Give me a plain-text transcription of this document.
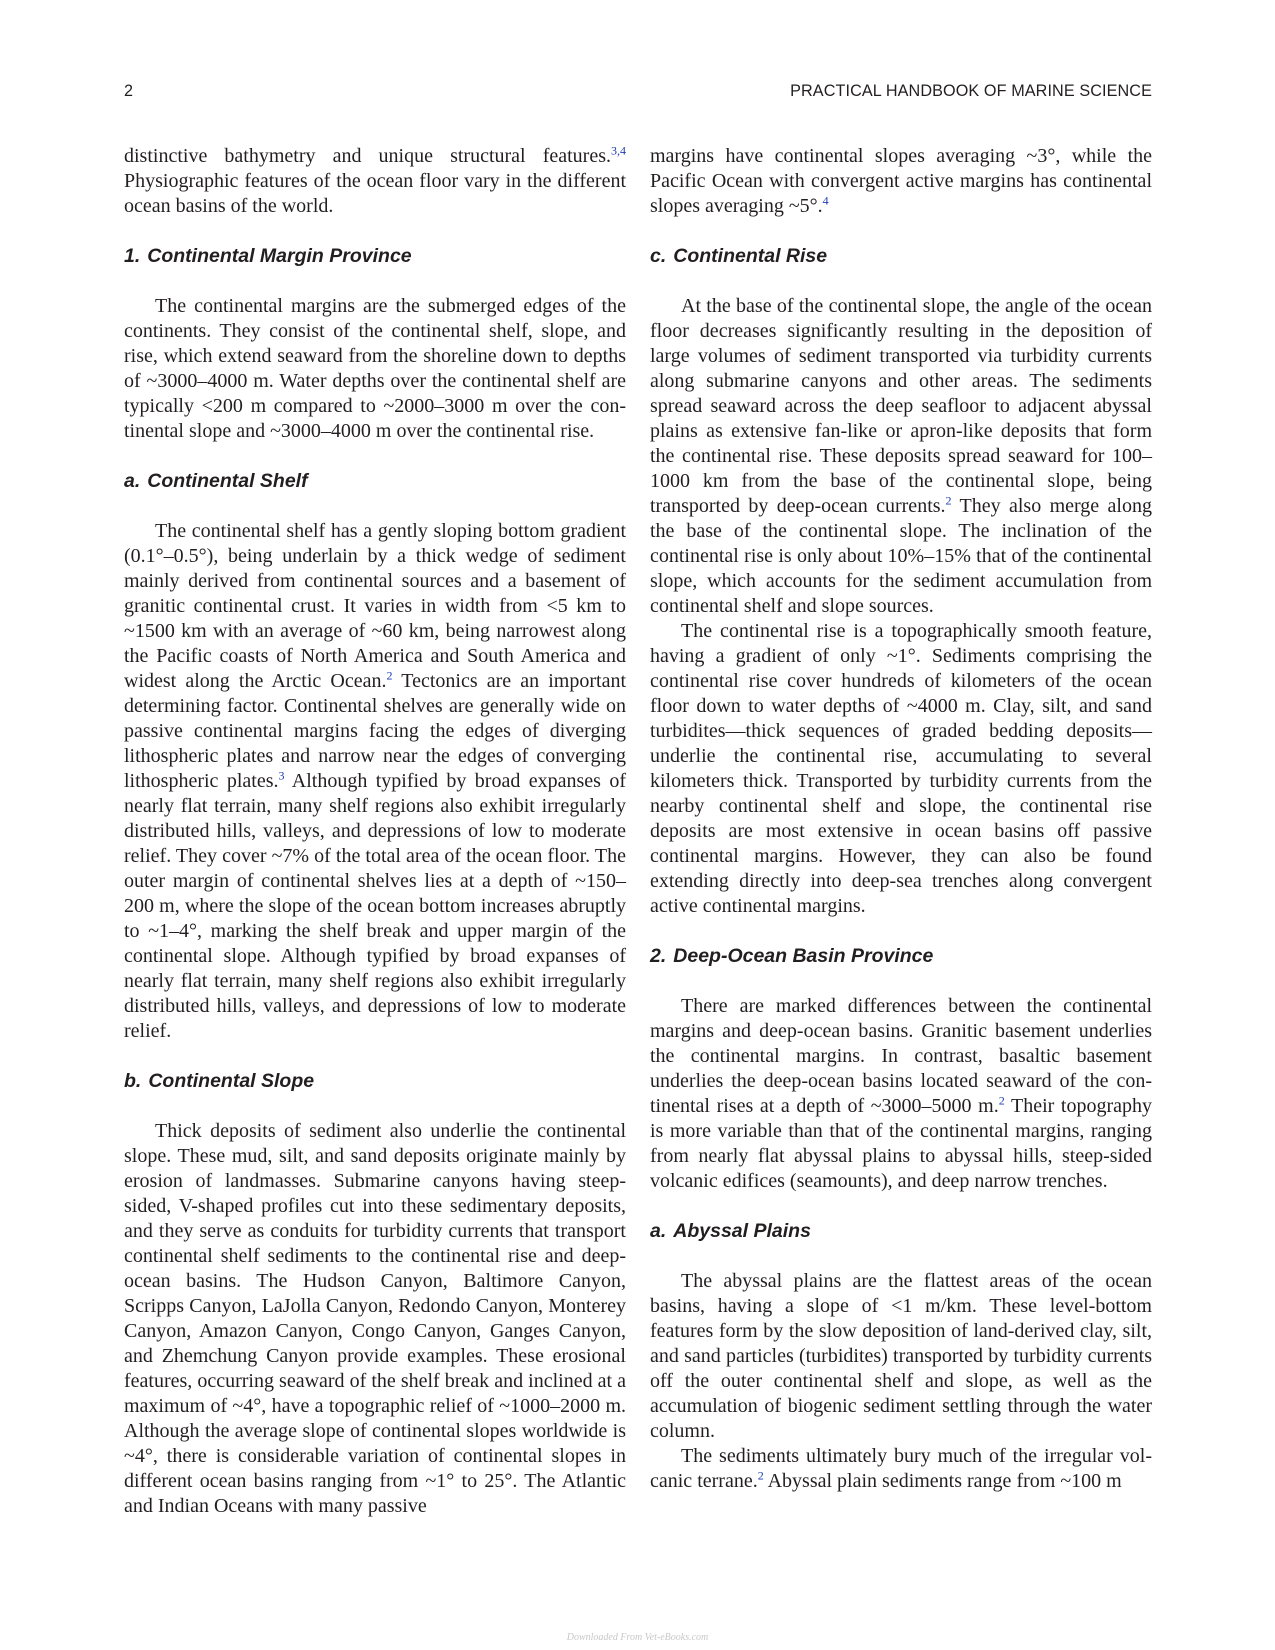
2	PRACTICAL HANDBOOK OF MARINE SCIENCE

distinctive bathymetry and unique structural features.$^{3,4}$ Physiographic features of the ocean floor vary in the different ocean basins of the world.

1. Continental Margin Province

The continental margins are the submerged edges of the continents. They consist of the continental shelf, slope, and rise, which extend seaward from the shoreline down to depths of ~3000–4000 m. Water depths over the continental shelf are typically <200 m compared to ~2000–3000 m over the continental slope and ~3000–4000 m over the continental rise.

a. Continental Shelf

The continental shelf has a gently sloping bottom gradient (0.1°–0.5°), being underlain by a thick wedge of sediment mainly derived from continental sources and a basement of granitic continental crust. It varies in width from <5 km to ~1500 km with an average of ~60 km, being narrowest along the Pacific coasts of North America and South America and widest along the Arctic Ocean.$^2$ Tectonics are an important determining factor. Continental shelves are generally wide on passive continental margins facing the edges of diverging lithospheric plates and narrow near the edges of converging lithospheric plates.$^3$ Although typified by broad expanses of nearly flat terrain, many shelf regions also exhibit irregularly distributed hills, valleys, and depressions of low to moderate relief. They cover ~7% of the total area of the ocean floor. The outer margin of continental shelves lies at a depth of ~150–200 m, where the slope of the ocean bottom increases abruptly to ~1–4°, marking the shelf break and upper margin of the continental slope. Although typified by broad expanses of nearly flat terrain, many shelf regions also exhibit irregularly distributed hills, valleys, and depressions of low to moderate relief.

b. Continental Slope

Thick deposits of sediment also underlie the continental slope. These mud, silt, and sand deposits originate mainly by erosion of landmasses. Submarine canyons having steep-sided, V-shaped profiles cut into these sedimentary deposits, and they serve as conduits for turbidity currents that transport continental shelf sediments to the continental rise and deep-ocean basins. The Hudson Canyon, Baltimore Canyon, Scripps Canyon, LaJolla Canyon, Redondo Canyon, Monterey Canyon, Amazon Canyon, Congo Canyon, Ganges Canyon, and Zhemchung Canyon provide examples. These erosional features, occurring seaward of the shelf break and inclined at a maximum of ~4°, have a topographic relief of ~1000–2000 m. Although the average slope of continental slopes worldwide is ~4°, there is considerable variation of continental slopes in different ocean basins ranging from ~1° to 25°. The Atlantic and Indian Oceans with many passive

margins have continental slopes averaging ~3°, while the Pacific Ocean with convergent active margins has continental slopes averaging ~5°.$^4$

c. Continental Rise

At the base of the continental slope, the angle of the ocean floor decreases significantly resulting in the deposition of large volumes of sediment transported via turbidity currents along submarine canyons and other areas. The sediments spread seaward across the deep seafloor to adjacent abyssal plains as extensive fan-like or apron-like deposits that form the continental rise. These deposits spread seaward for 100–1000 km from the base of the continental slope, being transported by deep-ocean currents.$^2$ They also merge along the base of the continental slope. The inclination of the continental rise is only about 10%–15% that of the continental slope, which accounts for the sediment accumulation from continental shelf and slope sources.

The continental rise is a topographically smooth feature, having a gradient of only ~1°. Sediments comprising the continental rise cover hundreds of kilometers of the ocean floor down to water depths of ~4000 m. Clay, silt, and sand turbidites—thick sequences of graded bedding deposits—underlie the continental rise, accumulating to several kilometers thick. Transported by turbidity currents from the nearby continental shelf and slope, the continental rise deposits are most extensive in ocean basins off passive continental margins. However, they can also be found extending directly into deep-sea trenches along convergent active continental margins.

2. Deep-Ocean Basin Province

There are marked differences between the continental margins and deep-ocean basins. Granitic basement underlies the continental margins. In contrast, basaltic basement underlies the deep-ocean basins located seaward of the continental rises at a depth of ~3000–5000 m.$^2$ Their topography is more variable than that of the continental margins, ranging from nearly flat abyssal plains to abyssal hills, steep-sided volcanic edifices (seamounts), and deep narrow trenches.

a. Abyssal Plains

The abyssal plains are the flattest areas of the ocean basins, having a slope of <1 m/km. These level-bottom features form by the slow deposition of land-derived clay, silt, and sand particles (turbidites) transported by turbidity currents off the outer continental shelf and slope, as well as the accumulation of biogenic sediment settling through the water column.

The sediments ultimately bury much of the irregular volcanic terrane.$^2$ Abyssal plain sediments range from ~100 m

Downloaded From Vet-eBooks.com
